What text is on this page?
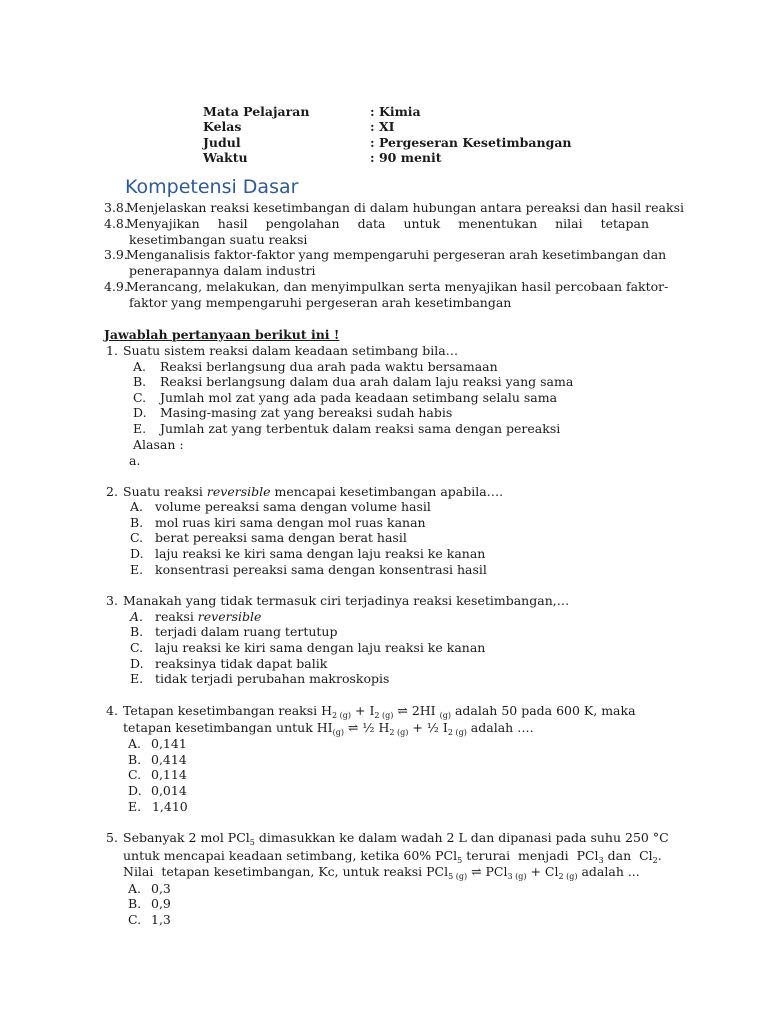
Mata Pelajaran	: Kimia
Kelas	: XI
Judul	: Pergeseran Kesetimbangan
Waktu	: 90 menit
Kompetensi Dasar
3.8.
Menjelaskan reaksi kesetimbangan di dalam hubungan antara pereaksi dan hasil reaksi
4.8.
Menyajikan hasil pengolahan data untuk menentukan nilai tetapan
kesetimbangan suatu reaksi
3.9.
Menganalisis faktor-faktor yang mempengaruhi pergeseran arah kesetimbangan dan
penerapannya dalam industri
4.9.
Merancang, melakukan, dan menyimpulkan serta menyajikan hasil percobaan faktor-
faktor yang mempengaruhi pergeseran arah kesetimbangan
Jawablah pertanyaan berikut ini !
1. Suatu sistem reaksi dalam keadaan setimbang bila…
A. Reaksi berlangsung dua arah pada waktu bersamaan
B. Reaksi berlangsung dalam dua arah dalam laju reaksi yang sama
C. Jumlah mol zat yang ada pada keadaan setimbang selalu sama
D. Masing-masing zat yang bereaksi sudah habis
E. Jumlah zat yang terbentuk dalam reaksi sama dengan pereaksi
Alasan :
a.
2. Suatu reaksi reversible mencapai kesetimbangan apabila….
A. volume pereaksi sama dengan volume hasil
B. mol ruas kiri sama dengan mol ruas kanan
C. berat pereaksi sama dengan berat hasil
D. laju reaksi ke kiri sama dengan laju reaksi ke kanan
E. konsentrasi pereaksi sama dengan konsentrasi hasil
3. Manakah yang tidak termasuk ciri terjadinya reaksi kesetimbangan,…
A. reaksi reversible
B. terjadi dalam ruang tertutup
C. laju reaksi ke kiri sama dengan laju reaksi ke kanan
D. reaksinya tidak dapat balik
E. tidak terjadi perubahan makroskopis
4. Tetapan kesetimbangan reaksi $H_{2 (g)} + I_{2 (g)}$ ⇌ 2HI $_{(g)}$ adalah 50 pada 600 K, maka
tetapan kesetimbangan untuk $HI_{(g)}$ ⇌ ½ $H_{2 (g)}$ + ½ $I_{2 (g)}$ adalah ….
A. 0,141
B. 0,414
C. 0,114
D. 0,014
E. 1,410
5. Sebanyak 2 mol PCl$_5$ dimasukkan ke dalam wadah 2 L dan dipanasi pada suhu 250 °C
untuk mencapai keadaan setimbang, ketika 60% PCl$_5$ terurai  menjadi  PCl$_3$ dan  $Cl_2$.
Nilai  tetapan kesetimbangan, Kc, untuk reaksi PCl$_{5 (g)}$ ⇌ $PCl_{3 (g)} + Cl_{2 (g)}$ adalah ...
A. 0,3
B. 0,9
C. 1,3
